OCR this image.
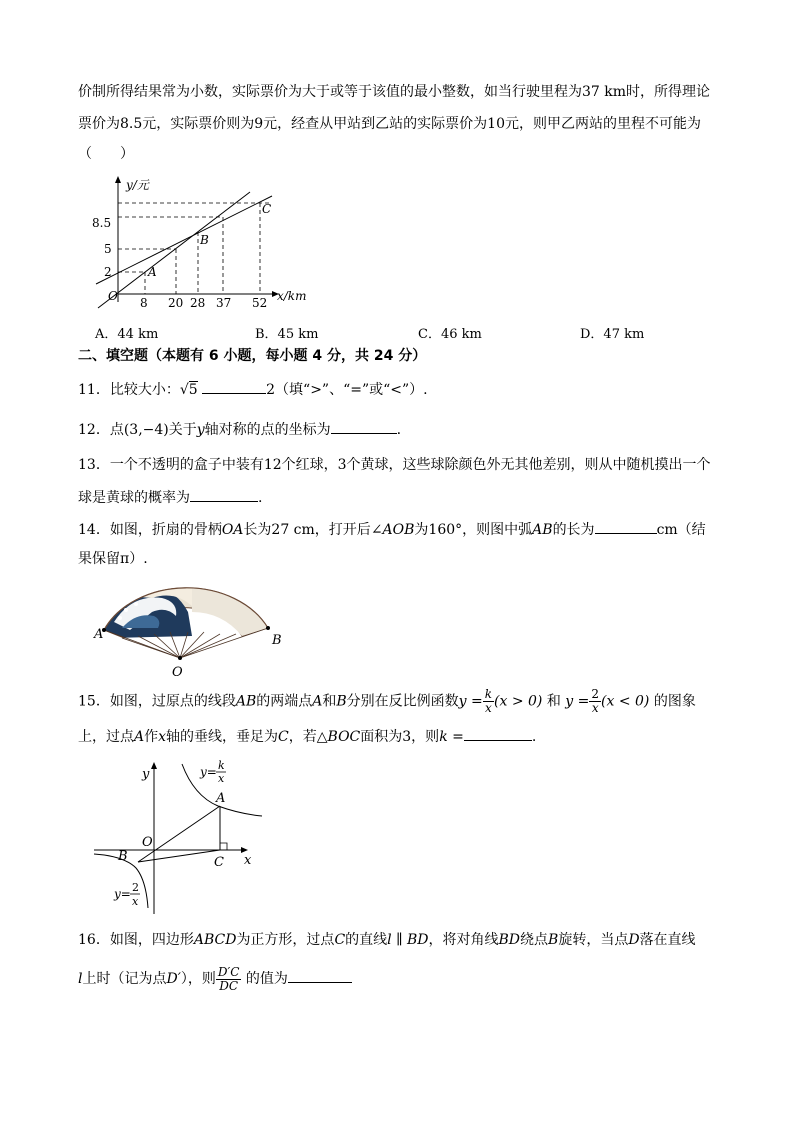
价制所得结果常为小数，实际票价为大于或等于该值的最小整数，如当行驶里程为37 km时，所得理论
票价为8.5元，实际票价则为9元，经查从甲站到乙站的实际票价为10元，则甲乙两站的里程不可能为
（　　）
8.5
5
2
8 20 28 37 52
O
y/元
x/km
A
B
C
A．44 km	B．45 km	C．46 km	D．47 km
二、填空题（本题有 6 小题，每小题 4 分，共 24 分）
11．比较大小：√5	2（填“>”、“=”或“<”）.
12．点(3,−4)关于y轴对称的点的坐标为	.
13．一个不透明的盒子中装有12个红球，3个黄球，这些球除颜色外无其他差别，则从中随机摸出一个
球是黄球的概率为	.
14．如图，折扇的骨柄OA长为27 cm，打开后∠AOB为160°，则图中弧AB的长为	cm（结
果保留π）.
A	B
O
15．如图，过原点的线段AB的两端点A和B分别在反比例函数$y = \frac{k}{x} (x > 0)$ 和 $y = \frac{2}{x} (x < 0)$ 的图象
上，过点A作x轴的垂线，垂足为C，若△BOC面积为3，则k =	.
y
x
O
A
B	C
y= k
x
y= 2
x
16．如图，四边形ABCD为正方形，过点C的直线l ∥ BD，将对角线BD绕点B旋转，当点D落在直线
l上时（记为点D′），则 $\frac{D'C}{DC}$ 的值为
